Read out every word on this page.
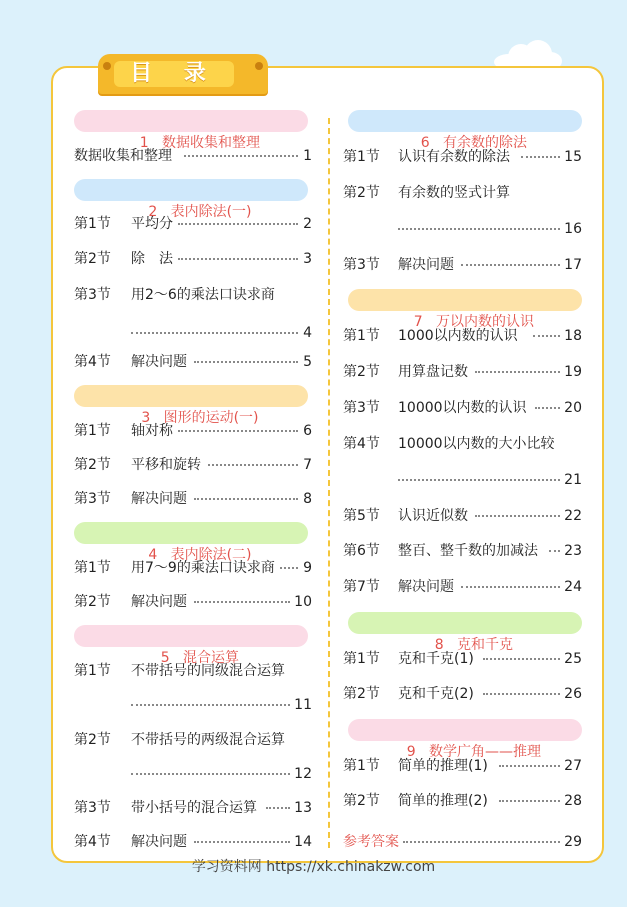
目 录

1   数据收集和整理

数据收集和整理	1

2   表内除法(一)

第1节 平均分	2
第2节 除　法	3
第3节 用2～6的乘法口诀求商
4
第4节 解决问题	5

3   图形的运动(一)

第1节 轴对称	6
第2节 平移和旋转	7
第3节 解决问题	8

4   表内除法(二)

第1节 用7～9的乘法口诀求商 9
第2节 解决问题	10

5   混合运算

第1节 不带括号的同级混合运算
11
第2节 不带括号的两级混合运算
12
第3节 带小括号的混合运算	13
第4节 解决问题	14

6   有余数的除法

第1节 认识有余数的除法	15
第2节 有余数的竖式计算
16
第3节 解决问题	17

7   万以内数的认识

第1节 1000以内数的认识	18
第2节 用算盘记数	19
第3节 10000以内数的认识	20
第4节 10000以内数的大小比较
21
第5节 认识近似数	22
第6节 整百、整千数的加减法 23
第7节 解决问题	24

8   克和千克

第1节 克和千克(1)	25
第2节 克和千克(2)	26

9   数学广角——推理

第1节 简单的推理(1)	27
第2节 简单的推理(2)	28
参考答案	29
学习资料网 https://xk.chinakzw.com
